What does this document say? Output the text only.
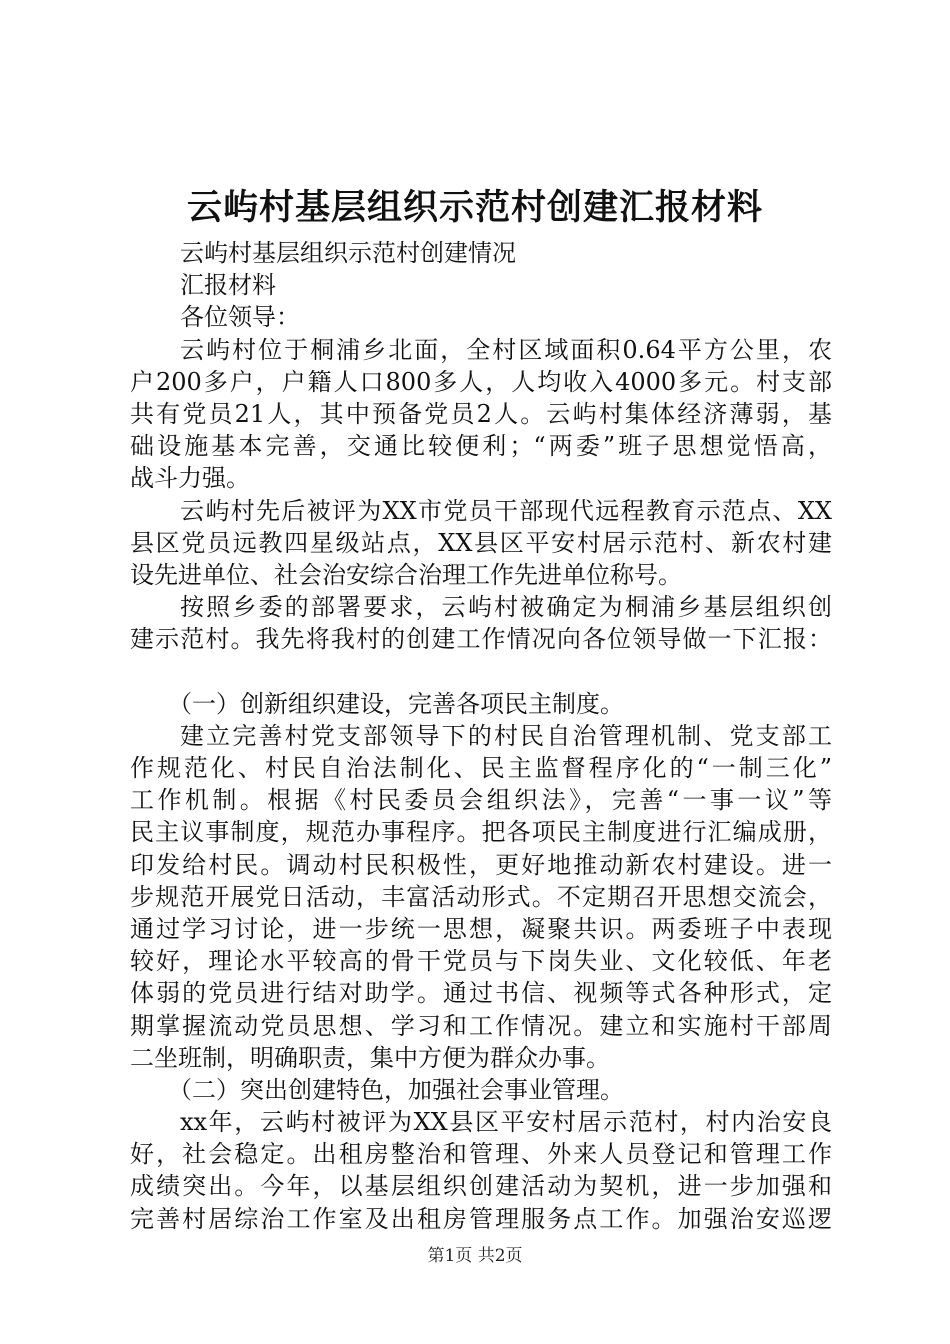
云屿村基层组织示范村创建汇报材料
云屿村基层组织示范村创建情况
汇报材料
各位领导：
云屿村位于桐浦乡北面，全村区域面积0.64平方公里，农
户200多户，户籍人口800多人，人均收入4000多元。村支部
共有党员21人，其中预备党员2人。云屿村集体经济薄弱，基
础设施基本完善，交通比较便利；“两委”班子思想觉悟高，
战斗力强。
云屿村先后被评为XX市党员干部现代远程教育示范点、XX
县区党员远教四星级站点，XX县区平安村居示范村、新农村建
设先进单位、社会治安综合治理工作先进单位称号。
按照乡委的部署要求，云屿村被确定为桐浦乡基层组织创
建示范村。我先将我村的创建工作情况向各位领导做一下汇报：
（一）创新组织建设，完善各项民主制度。
建立完善村党支部领导下的村民自治管理机制、党支部工
作规范化、村民自治法制化、民主监督程序化的“一制三化”
工作机制。根据《村民委员会组织法》，完善“一事一议”等
民主议事制度，规范办事程序。把各项民主制度进行汇编成册，
印发给村民。调动村民积极性，更好地推动新农村建设。进一
步规范开展党日活动，丰富活动形式。不定期召开思想交流会，
通过学习讨论，进一步统一思想，凝聚共识。两委班子中表现
较好，理论水平较高的骨干党员与下岗失业、文化较低、年老
体弱的党员进行结对助学。通过书信、视频等式各种形式，定
期掌握流动党员思想、学习和工作情况。建立和实施村干部周
二坐班制，明确职责，集中方便为群众办事。
（二）突出创建特色，加强社会事业管理。
xx年，云屿村被评为XX县区平安村居示范村，村内治安良
好，社会稳定。出租房整治和管理、外来人员登记和管理工作
成绩突出。今年，以基层组织创建活动为契机，进一步加强和
完善村居综治工作室及出租房管理服务点工作。加强治安巡逻
第1页 共2页
